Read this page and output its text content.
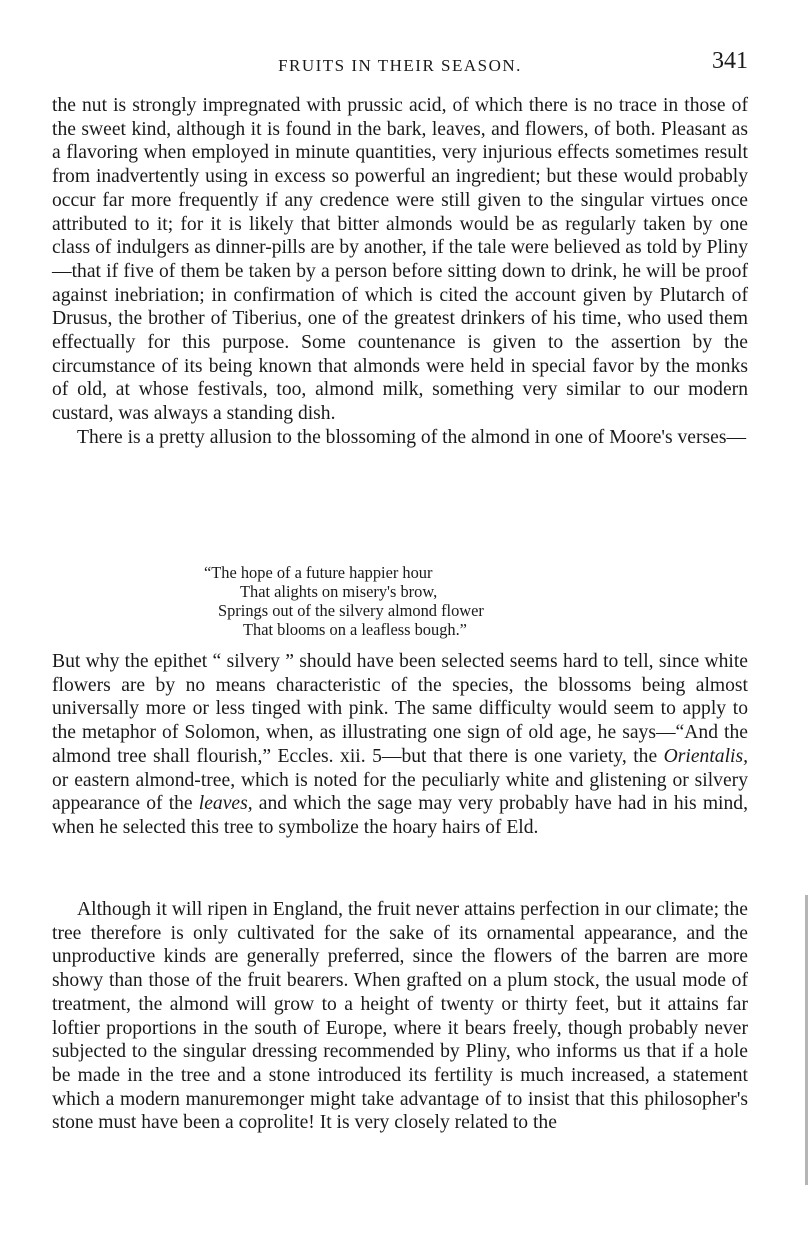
FRUITS IN THEIR SEASON.	341

the nut is strongly impregnated with prussic acid, of which there is no trace in those of the sweet kind, although it is found in the bark, leaves, and flowers, of both. Pleasant as a flavoring when employed in minute quantities, very injurious effects sometimes result from inadvertently using in excess so powerful an ingredient; but these would probably occur far more frequently if any credence were still given to the singular virtues once attributed to it; for it is likely that bitter almonds would be as regularly taken by one class of indulgers as dinner-pills are by another, if the tale were believed as told by Pliny—that if five of them be taken by a person before sitting down to drink, he will be proof against inebriation; in confirmation of which is cited the account given by Plutarch of Drusus, the brother of Tiberius, one of the greatest drinkers of his time, who used them effectually for this purpose. Some countenance is given to the assertion by the circumstance of its being known that almonds were held in special favor by the monks of old, at whose festivals, too, almond milk, something very similar to our modern custard, was always a standing dish.

There is a pretty allusion to the blossoming of the almond in one of Moore's verses—

“The hope of a future happier hour
That alights on misery's brow,
Springs out of the silvery almond flower
That blooms on a leafless bough.”

But why the epithet “ silvery ” should have been selected seems hard to tell, since white flowers are by no means characteristic of the species, the blossoms being almost universally more or less tinged with pink. The same difficulty would seem to apply to the metaphor of Solomon, when, as illustrating one sign of old age, he says—“And the almond tree shall flourish,” Eccles. xii. 5—but that there is one variety, the Orientalis, or eastern almond-tree, which is noted for the peculiarly white and glistening or silvery appearance of the leaves, and which the sage may very probably have had in his mind, when he selected this tree to symbolize the hoary hairs of Eld.

Although it will ripen in England, the fruit never attains perfection in our climate; the tree therefore is only cultivated for the sake of its ornamental appearance, and the unproductive kinds are generally preferred, since the flowers of the barren are more showy than those of the fruit bearers. When grafted on a plum stock, the usual mode of treatment, the almond will grow to a height of twenty or thirty feet, but it attains far loftier proportions in the south of Europe, where it bears freely, though probably never subjected to the singular dressing recommended by Pliny, who informs us that if a hole be made in the tree and a stone introduced its fertility is much increased, a statement which a modern manuremonger might take advantage of to insist that this philosopher's stone must have been a coprolite! It is very closely related to the
